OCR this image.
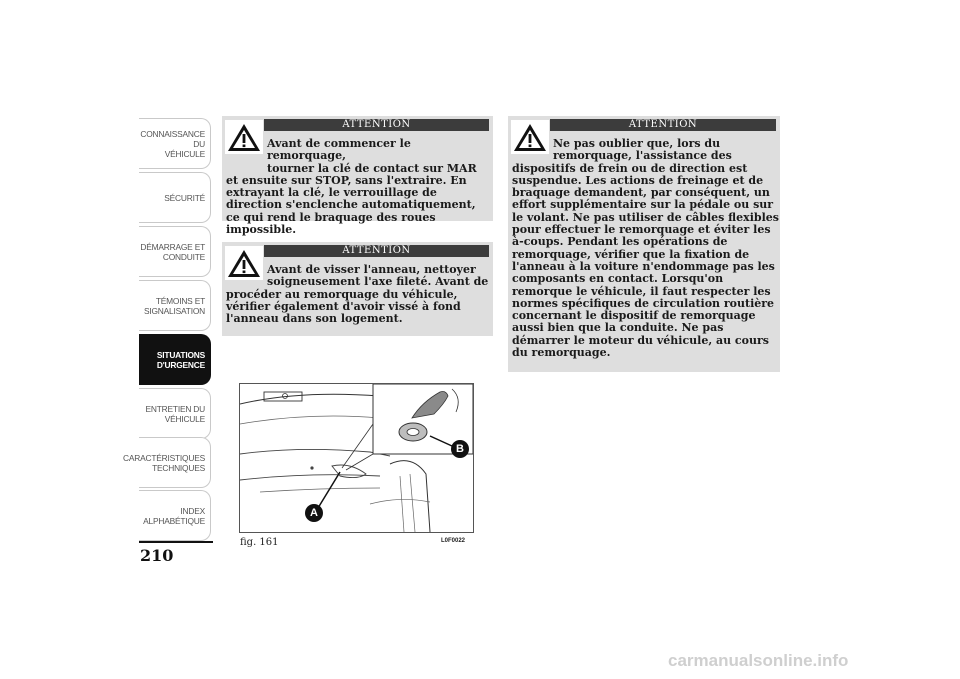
CONNAISSANCE DU
VÉHICULE
SÉCURITÉ
DÉMARRAGE ET
CONDUITE
TÉMOINS ET
SIGNALISATION
SITUATIONS
D'URGENCE
ENTRETIEN DU
VÉHICULE
CARACTÉRISTIQUES
TECHNIQUES
INDEX
ALPHABÉTIQUE
210
ATTENTION
Avant de commencer le remorquage,
tourner la clé de contact sur MAR
et ensuite sur STOP, sans l'extraire. En extrayant la clé, le verrouillage de direction s'enclenche automatiquement, ce qui rend le braquage des roues impossible.
ATTENTION
Avant de visser l'anneau, nettoyer
soigneusement l'axe fileté. Avant de
procéder au remorquage du véhicule, vérifier également d'avoir vissé à fond l'anneau dans son logement.
ATTENTION
Ne pas oublier que, lors du
remorquage, l'assistance des
dispositifs de frein ou de direction est suspendue. Les actions de freinage et de braquage demandent, par conséquent, un effort supplémentaire sur la pédale ou sur le volant. Ne pas utiliser de câbles flexibles pour effectuer le remorquage et éviter les à-coups. Pendant les opérations de remorquage, vérifier que la fixation de l'anneau à la voiture n'endommage pas les composants en contact. Lorsqu'on remorque le véhicule, il faut respecter les normes spécifiques de circulation routière concernant le dispositif de remorquage aussi bien que la conduite. Ne pas démarrer le moteur du véhicule, au cours du remorquage.
B
A
fig. 161	L0F0022
carmanualsonline.info
